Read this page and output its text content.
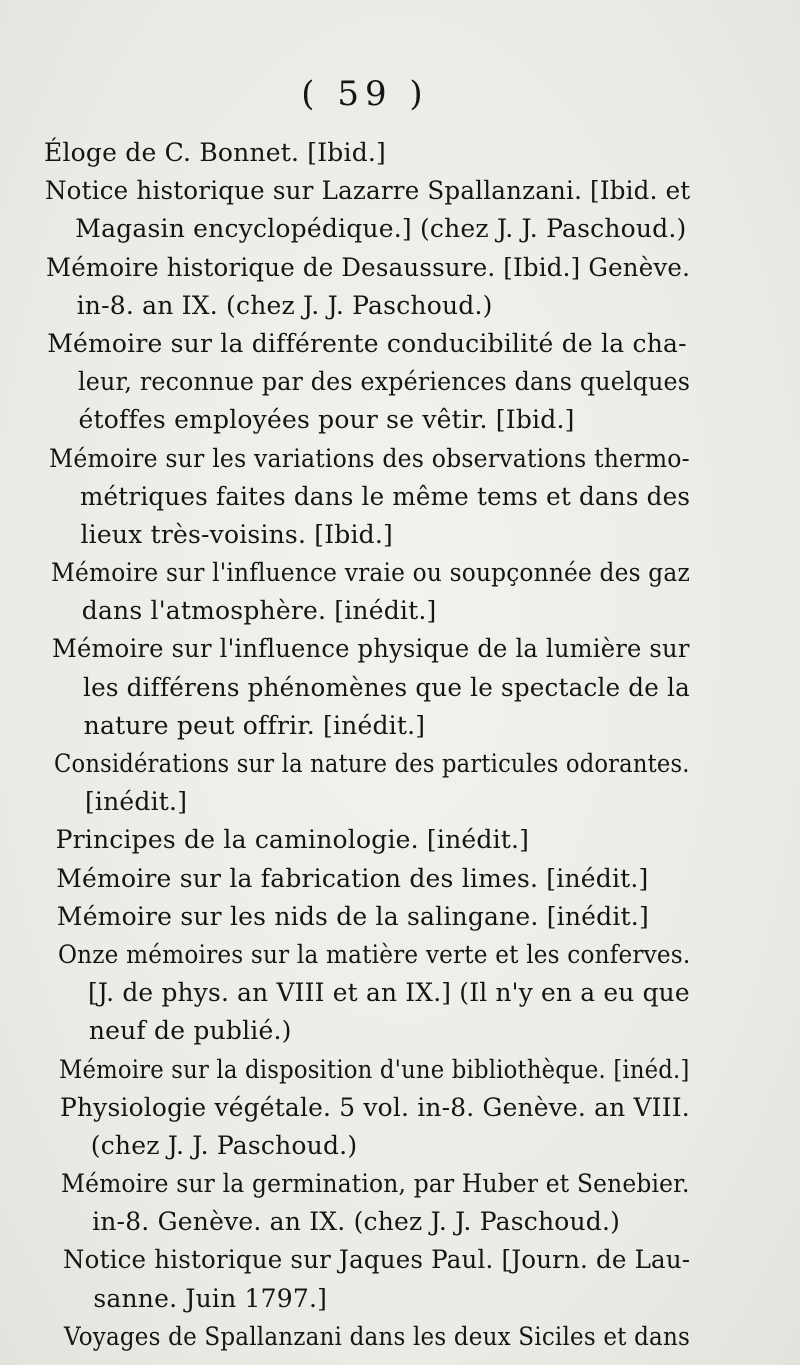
( 59 )
Éloge de C. Bonnet. [Ibid.]
Notice historique sur Lazarre Spallanzani. [Ibid. et
Magasin encyclopédique.] (chez J. J. Paschoud.)
Mémoire historique de Desaussure. [Ibid.] Genève.
in-8. an IX. (chez J. J. Paschoud.)
Mémoire sur la différente conducibilité de la cha-
leur, reconnue par des expériences dans quelques
étoffes employées pour se vêtir. [Ibid.]
Mémoire sur les variations des observations thermo-
métriques faites dans le même tems et dans des
lieux très-voisins. [Ibid.]
Mémoire sur l'influence vraie ou soupçonnée des gaz
dans l'atmosphère. [inédit.]
Mémoire sur l'influence physique de la lumière sur
les différens phénomènes que le spectacle de la
nature peut offrir. [inédit.]
Considérations sur la nature des particules odorantes.
[inédit.]
Principes de la caminologie. [inédit.]
Mémoire sur la fabrication des limes. [inédit.]
Mémoire sur les nids de la salingane. [inédit.]
Onze mémoires sur la matière verte et les conferves.
[J. de phys. an VIII et an IX.] (Il n'y en a eu que
neuf de publié.)
Mémoire sur la disposition d'une bibliothèque. [inéd.]
Physiologie végétale. 5 vol. in-8. Genève. an VIII.
(chez J. J. Paschoud.)
Mémoire sur la germination, par Huber et Senebier.
in-8. Genève. an IX. (chez J. J. Paschoud.)
Notice historique sur Jaques Paul. [Journ. de Lau-
sanne. Juin 1797.]
Voyages de Spallanzani dans les deux Siciles et dans
